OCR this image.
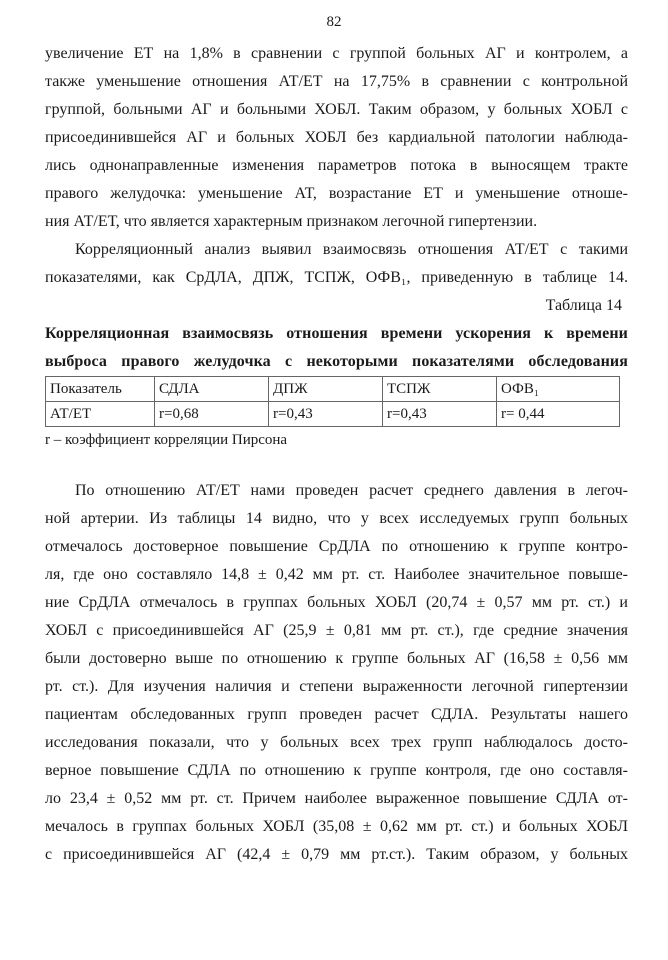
82
увеличение ЕТ на 1,8% в сравнении с группой больных АГ и контролем, а
также уменьшение отношения АТ/ЕТ на 17,75% в сравнении с контрольной
группой, больными АГ и больными ХОБЛ. Таким образом, у больных ХОБЛ с
присоединившейся АГ и больных ХОБЛ без кардиальной патологии наблюда-
лись однонаправленные изменения параметров потока в выносящем тракте
правого желудочка: уменьшение АТ, возрастание ЕТ и уменьшение отноше-
ния АТ/ЕТ, что является характерным признаком легочной гипертензии.
Корреляционный анализ выявил взаимосвязь отношения АТ/ЕТ с такими
показателями, как СрДЛА, ДПЖ, ТСПЖ, ОФВ₁, приведенную в таблице 14.
Таблица 14
Корреляционная взаимосвязь отношения времени ускорения к времени
выброса правого желудочка с некоторыми показателями обследования
Показатель	СДЛА	ДПЖ	ТСПЖ	ОФВ₁
АТ/ЕТ	r=0,68	r=0,43	r=0,43	r= 0,44
r – коэффициент корреляции Пирсона
По отношению АТ/ЕТ нами проведен расчет среднего давления в легоч-
ной артерии. Из таблицы 14 видно, что у всех исследуемых групп больных
отмечалось достоверное повышение СрДЛА по отношению к группе контро-
ля, где оно составляло 14,8 ± 0,42 мм рт. ст. Наиболее значительное повыше-
ние СрДЛА отмечалось в группах больных ХОБЛ (20,74 ± 0,57 мм рт. ст.) и
ХОБЛ с присоединившейся АГ (25,9 ± 0,81 мм рт. ст.), где средние значения
были достоверно выше по отношению к группе больных АГ (16,58 ± 0,56 мм
рт. ст.). Для изучения наличия и степени выраженности легочной гипертензии
пациентам обследованных групп проведен расчет СДЛА. Результаты нашего
исследования показали, что у больных всех трех групп наблюдалось досто-
верное повышение СДЛА по отношению к группе контроля, где оно составля-
ло 23,4 ± 0,52 мм рт. ст. Причем наиболее выраженное повышение СДЛА от-
мечалось в группах больных ХОБЛ (35,08 ± 0,62 мм рт. ст.) и больных ХОБЛ
с присоединившейся АГ (42,4 ± 0,79 мм рт.ст.). Таким образом, у больных
